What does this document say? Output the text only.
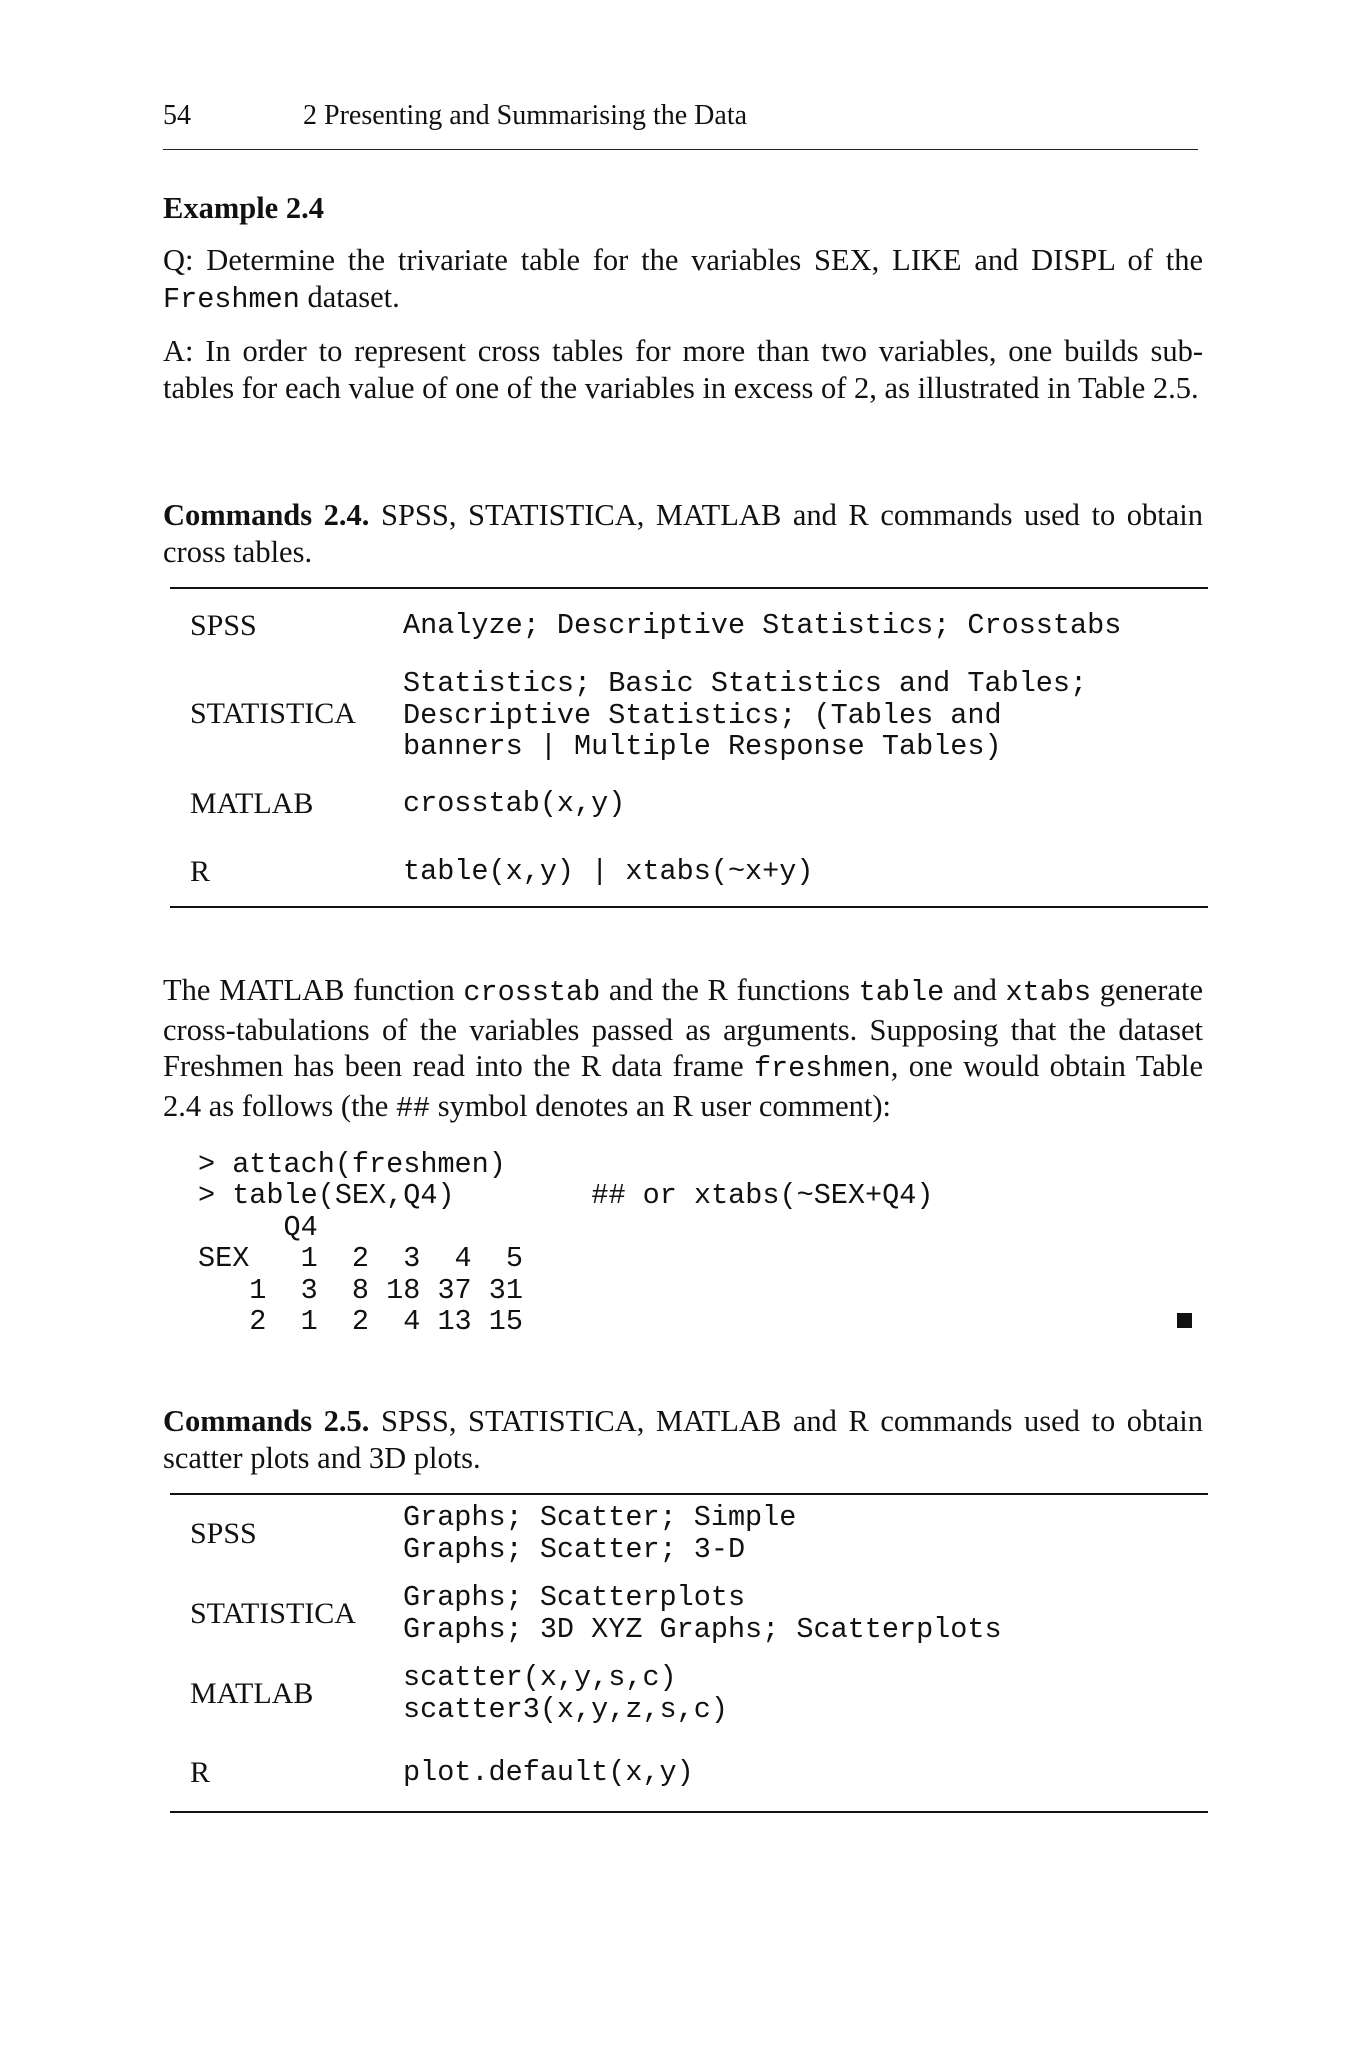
54	2 Presenting and Summarising the Data
Example 2.4
Q: Determine the trivariate table for the variables SEX, LIKE and DISPL of the Freshmen dataset.
A: In order to represent cross tables for more than two variables, one builds sub-tables for each value of one of the variables in excess of 2, as illustrated in Table 2.5.
Commands 2.4. SPSS, STATISTICA, MATLAB and R commands used to obtain cross tables.
SPSS	Analyze; Descriptive Statistics; Crosstabs
STATISTICA
Statistics; Basic Statistics and Tables;
Descriptive Statistics; (Tables and
banners | Multiple Response Tables)
MATLAB	crosstab(x,y)
R	table(x,y) | xtabs(~x+y)
The MATLAB function crosstab and the R functions table and xtabs generate cross-tabulations of the variables passed as arguments. Supposing that the dataset Freshmen has been read into the R data frame freshmen, one would obtain Table 2.4 as follows (the ## symbol denotes an R user comment):
> attach(freshmen)
> table(SEX,Q4)        ## or xtabs(~SEX+Q4)
Q4
SEX   1  2  3  4  5
1  3  8 18 37 31
2  1  2  4 13 15
Commands 2.5. SPSS, STATISTICA, MATLAB and R commands used to obtain scatter plots and 3D plots.
SPSS	Graphs; Scatter; Simple
Graphs; Scatter; 3-D
STATISTICA Graphs; Scatterplots
Graphs; 3D XYZ Graphs; Scatterplots
MATLAB	scatter(x,y,s,c)
scatter3(x,y,z,s,c)
R	plot.default(x,y)
